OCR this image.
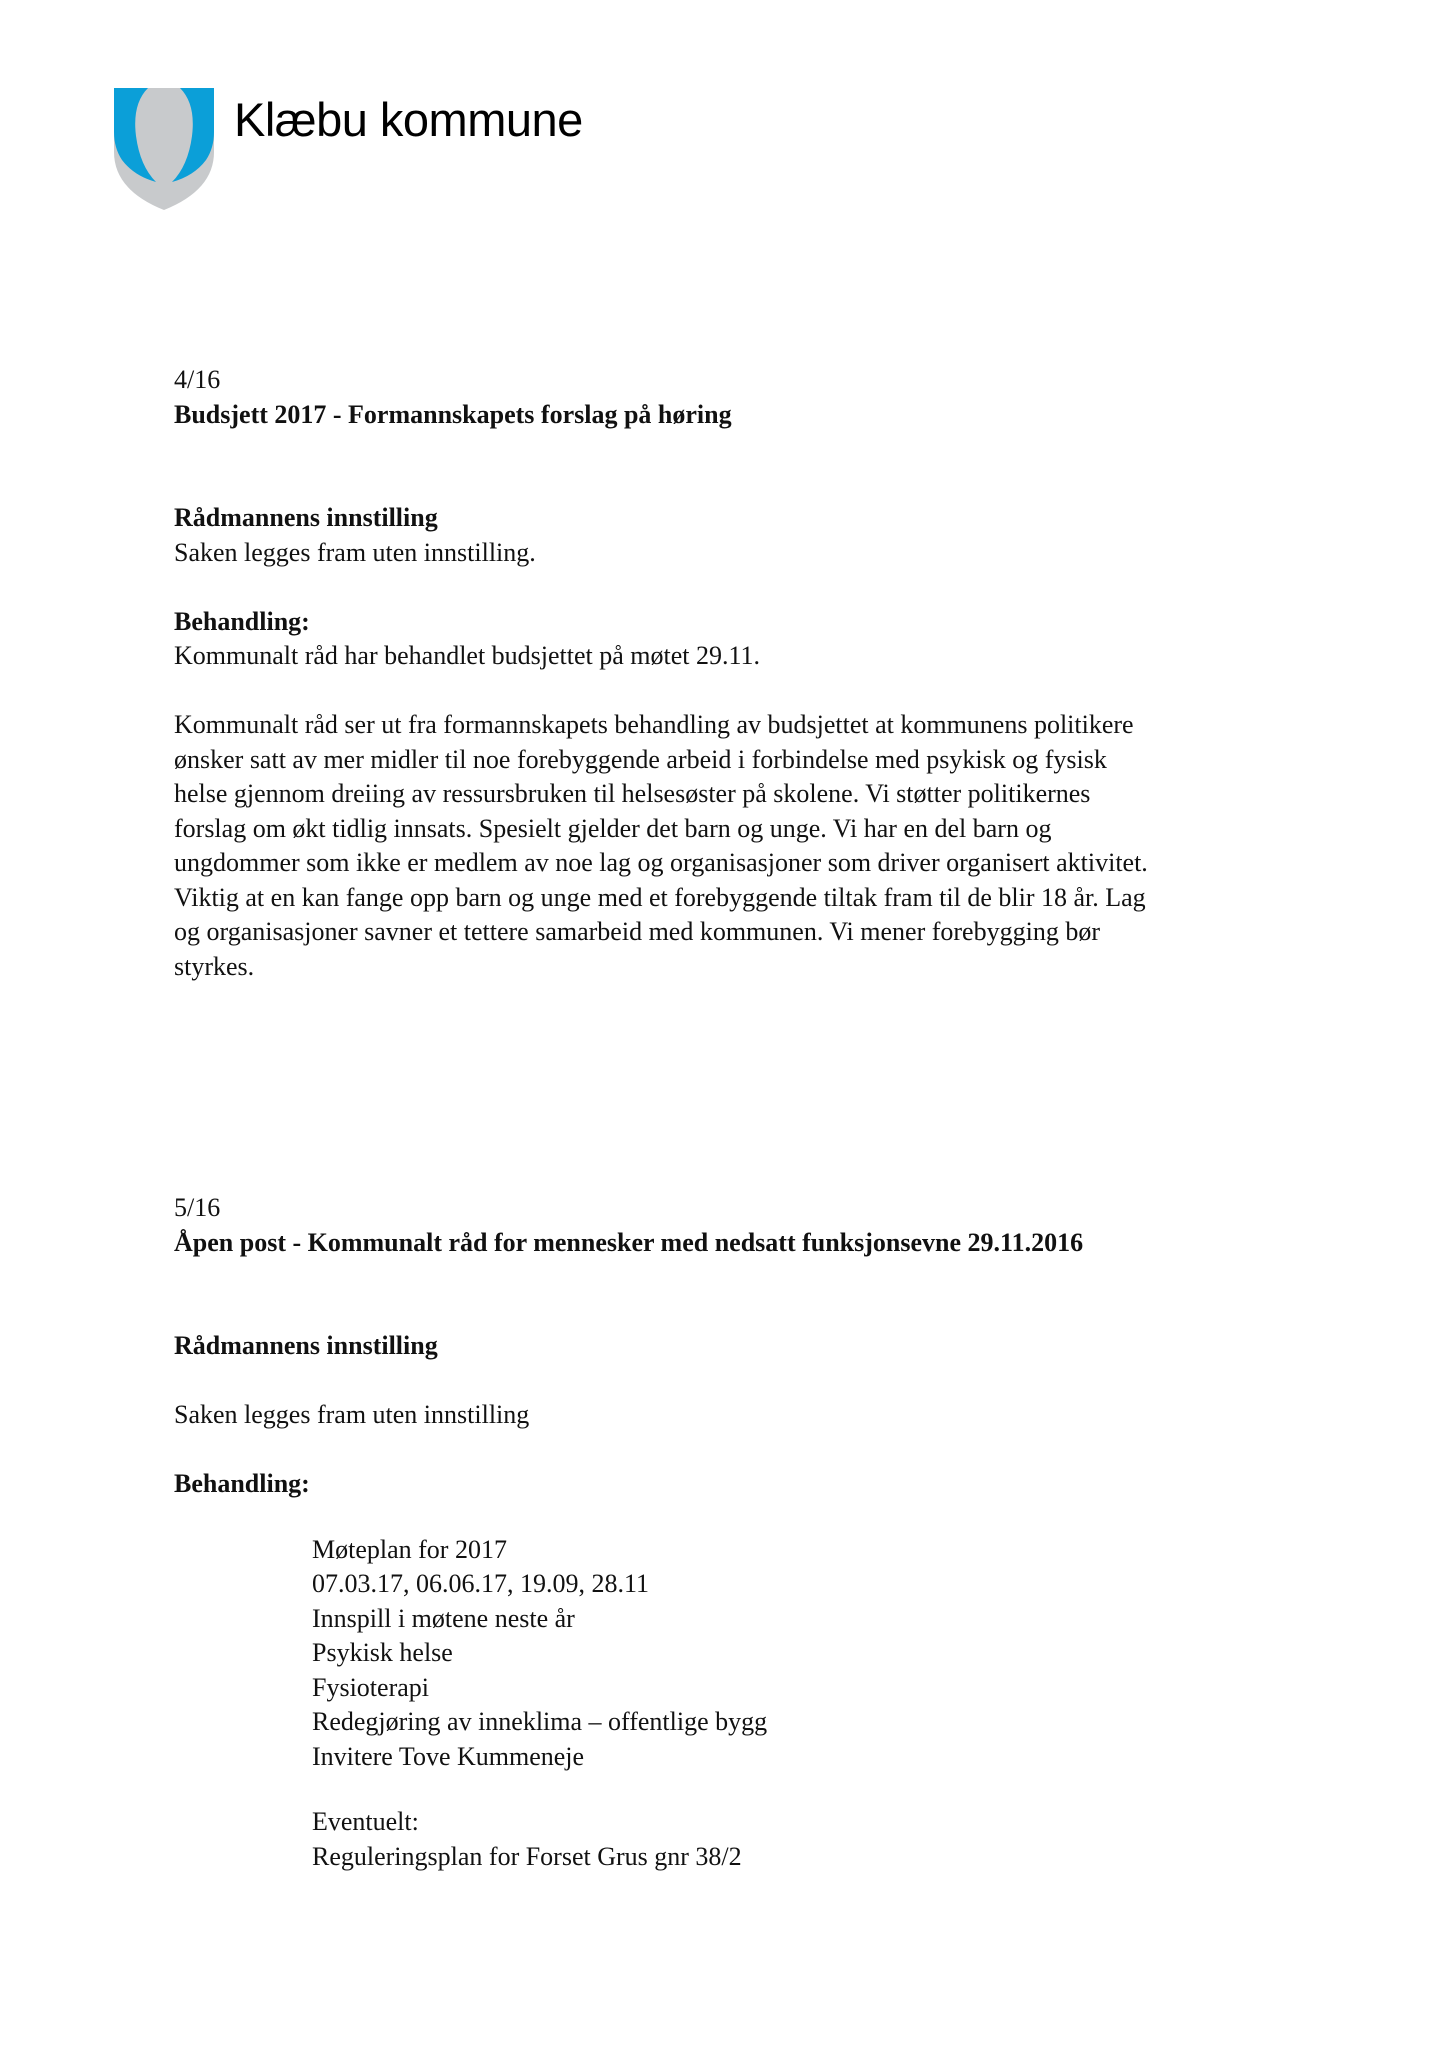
Klæbu kommune
4/16
Budsjett 2017 - Formannskapets forslag på høring
Rådmannens innstilling
Saken legges fram uten innstilling.
Behandling:
Kommunalt råd har behandlet budsjettet på møtet 29.11.
Kommunalt råd ser ut fra formannskapets behandling av budsjettet at kommunens politikere
ønsker satt av mer midler til noe forebyggende arbeid i forbindelse med psykisk og fysisk
helse gjennom dreiing av ressursbruken til helsesøster på skolene. Vi støtter politikernes
forslag om økt tidlig innsats. Spesielt gjelder det barn og unge. Vi har en del barn og
ungdommer som ikke er medlem av noe lag og organisasjoner som driver organisert aktivitet.
Viktig at en kan fange opp barn og unge med et forebyggende tiltak fram til de blir 18 år. Lag
og organisasjoner savner et tettere samarbeid med kommunen. Vi mener forebygging bør
styrkes.
5/16
Åpen post - Kommunalt råd for mennesker med nedsatt funksjonsevne 29.11.2016
Rådmannens innstilling
Saken legges fram uten innstilling
Behandling:
Møteplan for 2017
07.03.17, 06.06.17, 19.09, 28.11
Innspill i møtene neste år
Psykisk helse
Fysioterapi
Redegjøring av inneklima – offentlige bygg
Invitere Tove Kummeneje
Eventuelt:
Reguleringsplan for Forset Grus gnr 38/2
